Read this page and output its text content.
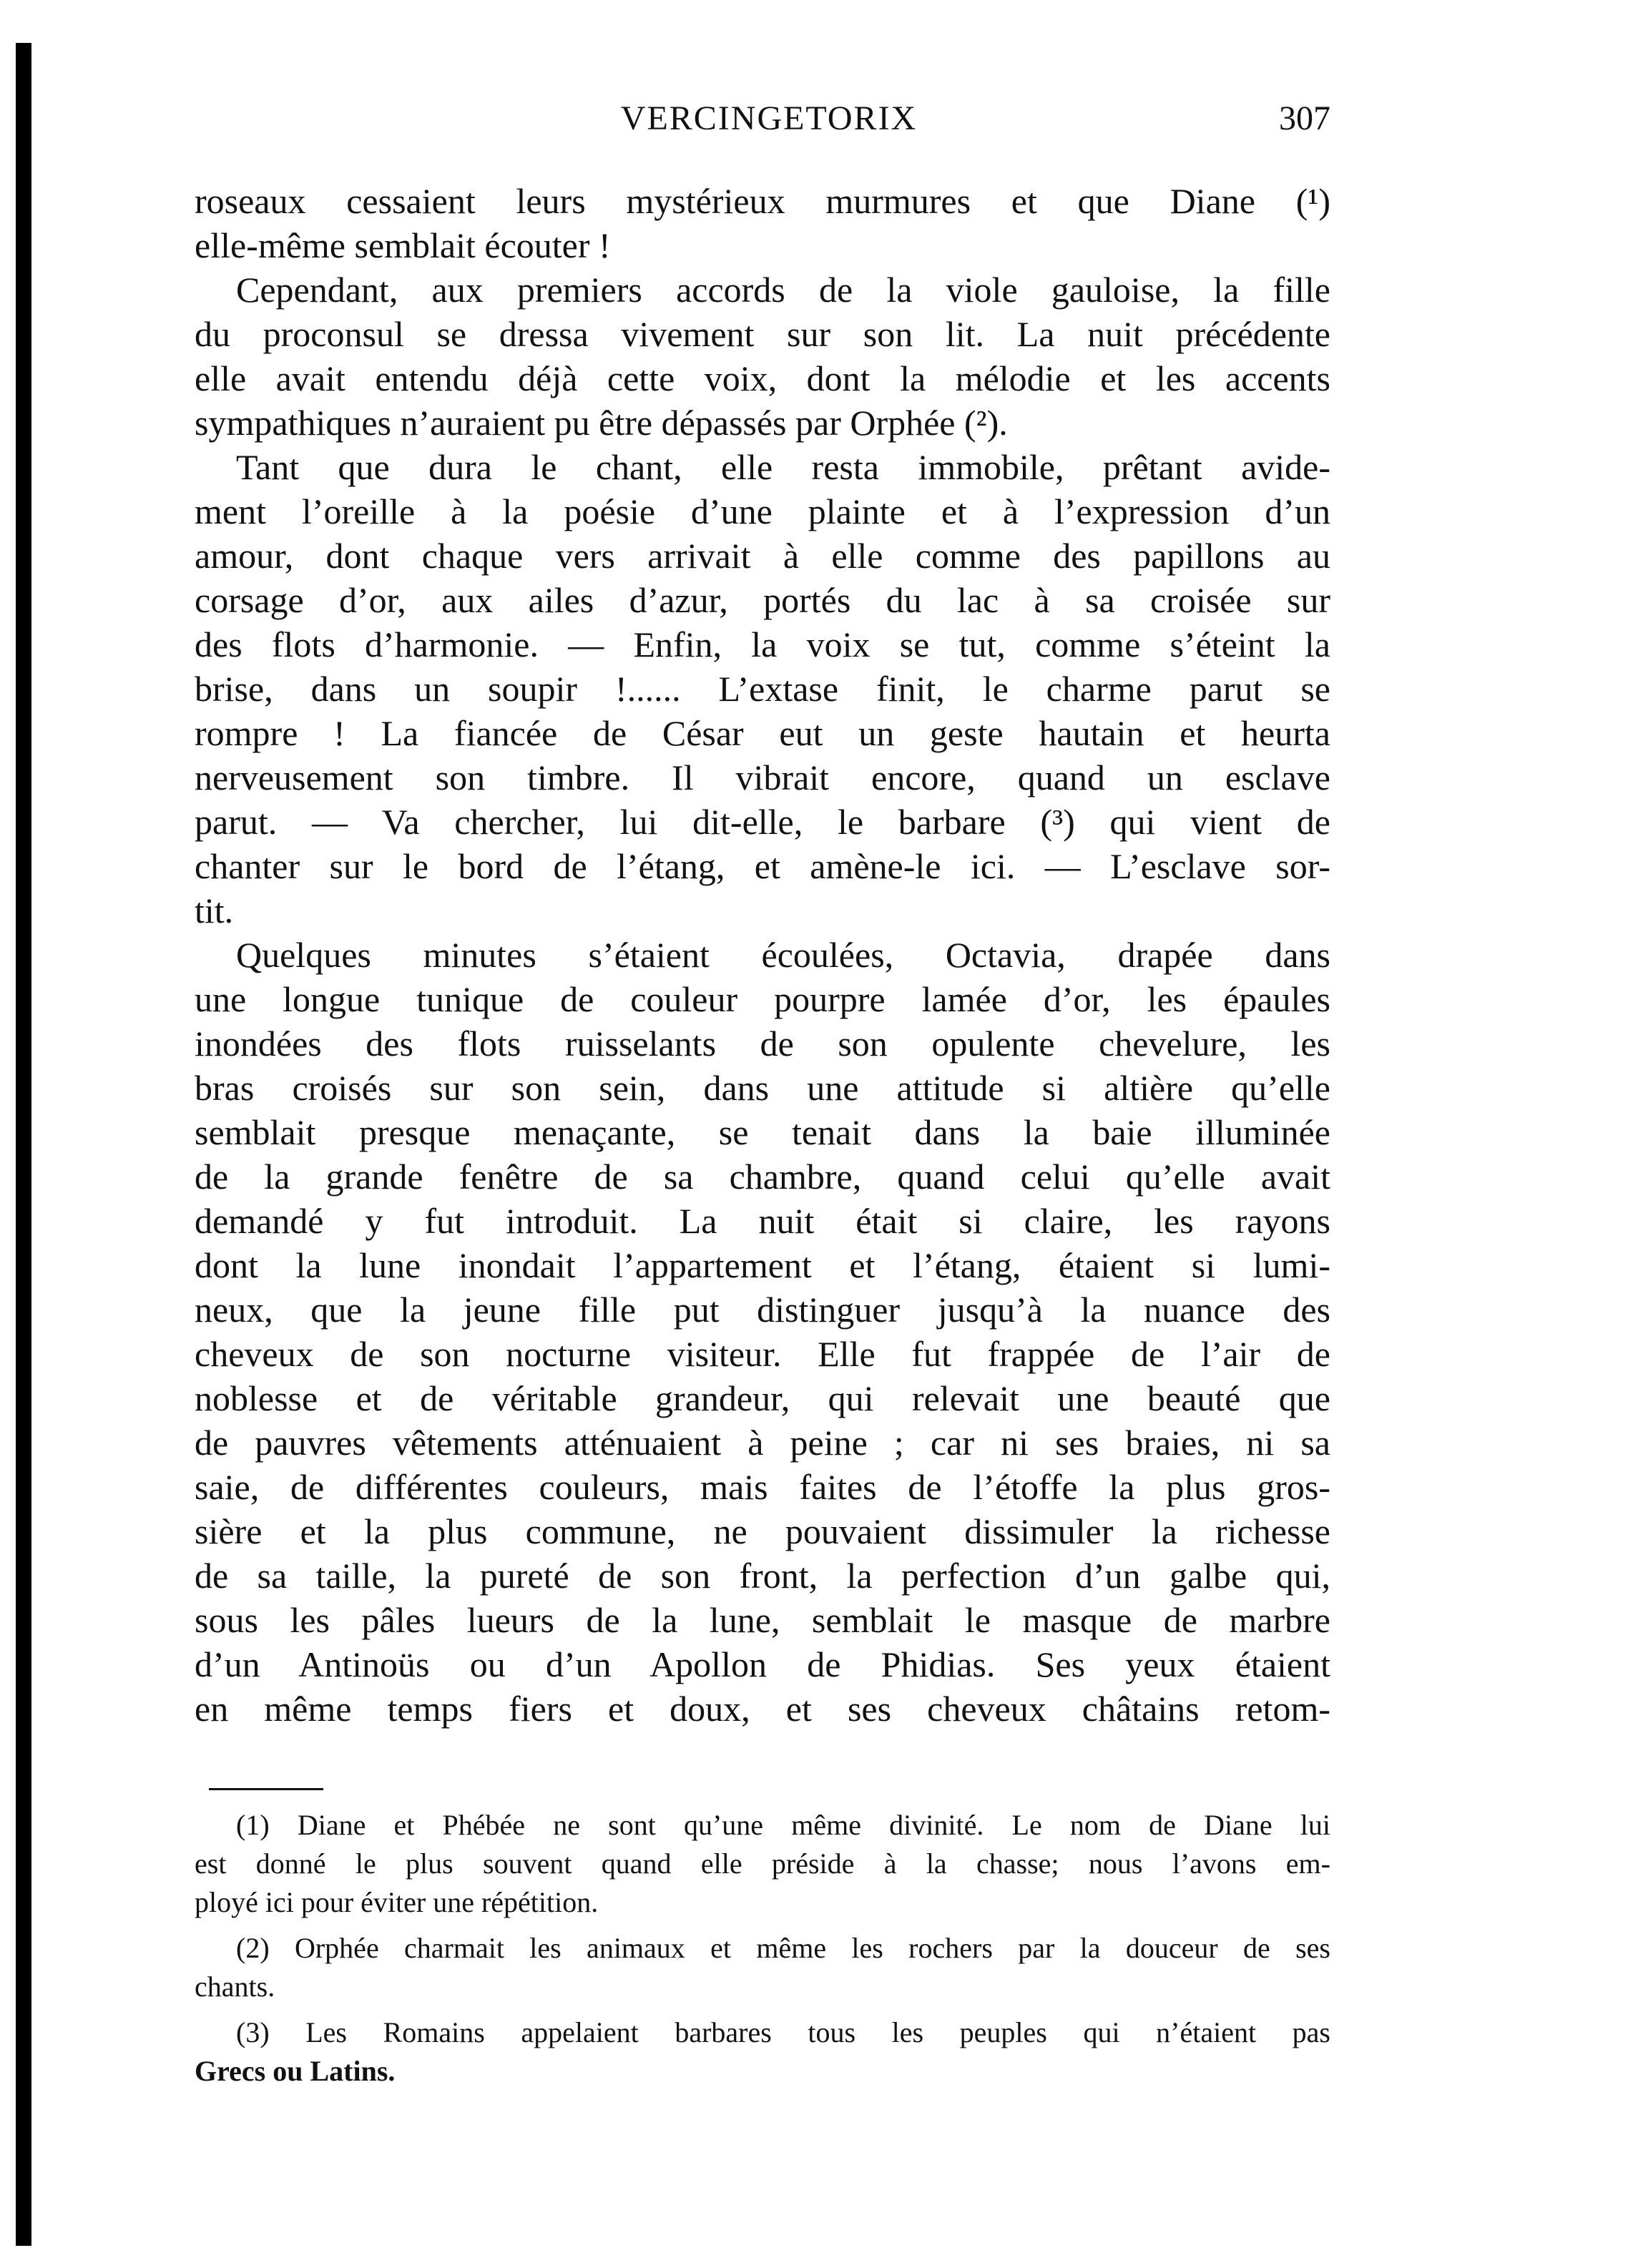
VERCINGETORIX	307
roseaux cessaient leurs mystérieux murmures et que Diane (¹)
elle-même semblait écouter !
Cependant, aux premiers accords de la viole gauloise, la fille
du proconsul se dressa vivement sur son lit. La nuit précédente
elle avait entendu déjà cette voix, dont la mélodie et les accents
sympathiques n’auraient pu être dépassés par Orphée (²).
Tant que dura le chant, elle resta immobile, prêtant avide-
ment l’oreille à la poésie d’une plainte et à l’expression d’un
amour, dont chaque vers arrivait à elle comme des papillons au
corsage d’or, aux ailes d’azur, portés du lac à sa croisée sur
des flots d’harmonie. — Enfin, la voix se tut, comme s’éteint la
brise, dans un soupir !...... L’extase finit, le charme parut se
rompre ! La fiancée de César eut un geste hautain et heurta
nerveusement son timbre. Il vibrait encore, quand un esclave
parut. — Va chercher, lui dit-elle, le barbare (³) qui vient de
chanter sur le bord de l’étang, et amène-le ici. — L’esclave sor-
tit.
Quelques minutes s’étaient écoulées, Octavia, drapée dans
une longue tunique de couleur pourpre lamée d’or, les épaules
inondées des flots ruisselants de son opulente chevelure, les
bras croisés sur son sein, dans une attitude si altière qu’elle
semblait presque menaçante, se tenait dans la baie illuminée
de la grande fenêtre de sa chambre, quand celui qu’elle avait
demandé y fut introduit. La nuit était si claire, les rayons
dont la lune inondait l’appartement et l’étang, étaient si lumi-
neux, que la jeune fille put distinguer jusqu’à la nuance des
cheveux de son nocturne visiteur. Elle fut frappée de l’air de
noblesse et de véritable grandeur, qui relevait une beauté que
de pauvres vêtements atténuaient à peine ; car ni ses braies, ni sa
saie, de différentes couleurs, mais faites de l’étoffe la plus gros-
sière et la plus commune, ne pouvaient dissimuler la richesse
de sa taille, la pureté de son front, la perfection d’un galbe qui,
sous les pâles lueurs de la lune, semblait le masque de marbre
d’un Antinoüs ou d’un Apollon de Phidias. Ses yeux étaient
en même temps fiers et doux, et ses cheveux châtains retom-
(1) Diane et Phébée ne sont qu’une même divinité. Le nom de Diane lui
est donné le plus souvent quand elle préside à la chasse; nous l’avons em-
ployé ici pour éviter une répétition.
(2) Orphée charmait les animaux et même les rochers par la douceur de ses
chants.
(3) Les Romains appelaient barbares tous les peuples qui n’étaient pas
Grecs ou Latins.
